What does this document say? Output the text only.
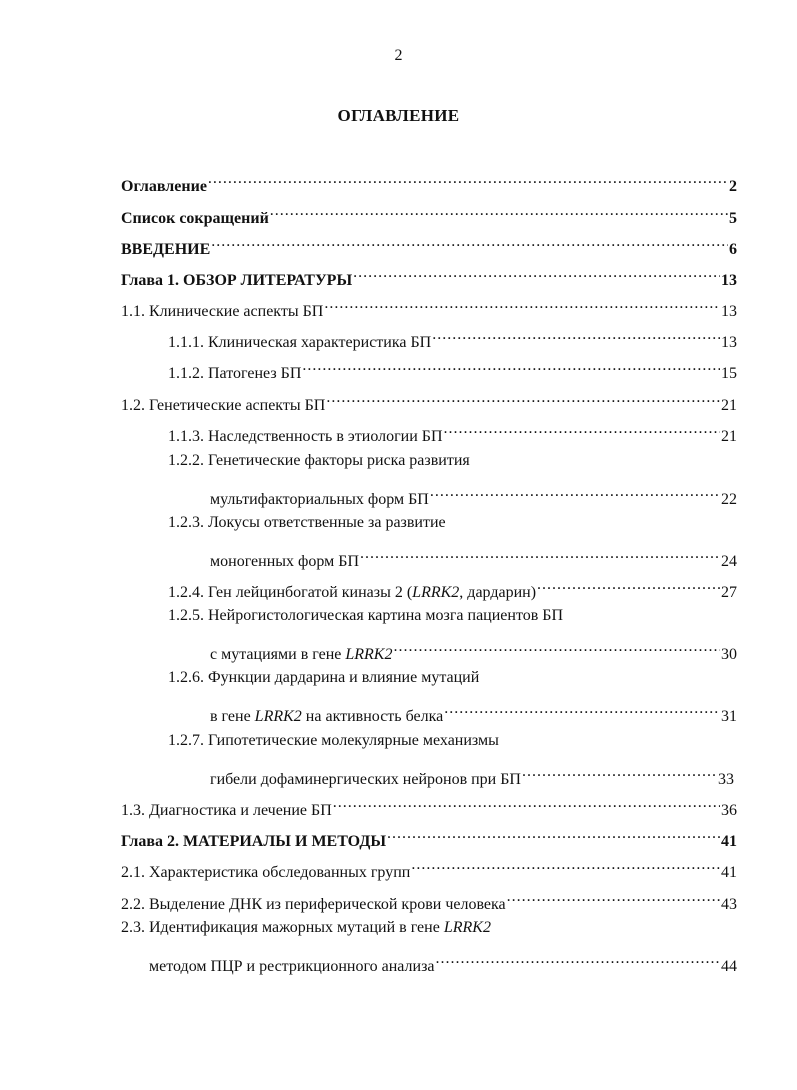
2
ОГЛАВЛЕНИЕ
Оглавление .....	2
Список сокращений .....	5
ВВЕДЕНИЕ .....	6
Глава 1. ОБЗОР ЛИТЕРАТУРЫ .....	13
1.1. Клинические аспекты БП .....	13
1.1.1. Клиническая характеристика БП .....	13
1.1.2. Патогенез БП .....	15
1.2. Генетические аспекты БП .....	21
1.1.3. Наследственность в этиологии БП .....	21
1.2.2. Генетические факторы риска развития
мультифакториальных форм БП .....	22
1.2.3. Локусы ответственные за развитие
моногенных форм БП .....	24
1.2.4. Ген лейцинбогатой киназы 2 (LRRK2, дардарин) .....	27
1.2.5. Нейрогистологическая картина мозга пациентов БП
с мутациями в гене LRRK2 .....	30
1.2.6. Функции дардарина и влияние мутаций
в гене LRRK2 на активность белка .....	31
1.2.7. Гипотетические молекулярные механизмы
гибели дофаминергических нейронов при БП .....	33
1.3. Диагностика и лечение БП .....	36
Глава 2. МАТЕРИАЛЫ И МЕТОДЫ .....	41
2.1. Характеристика обследованных групп .....	41
2.2. Выделение ДНК из периферической крови человека .....	43
2.3. Идентификация мажорных мутаций в гене LRRK2
методом ПЦР и рестрикционного анализа .....	44
